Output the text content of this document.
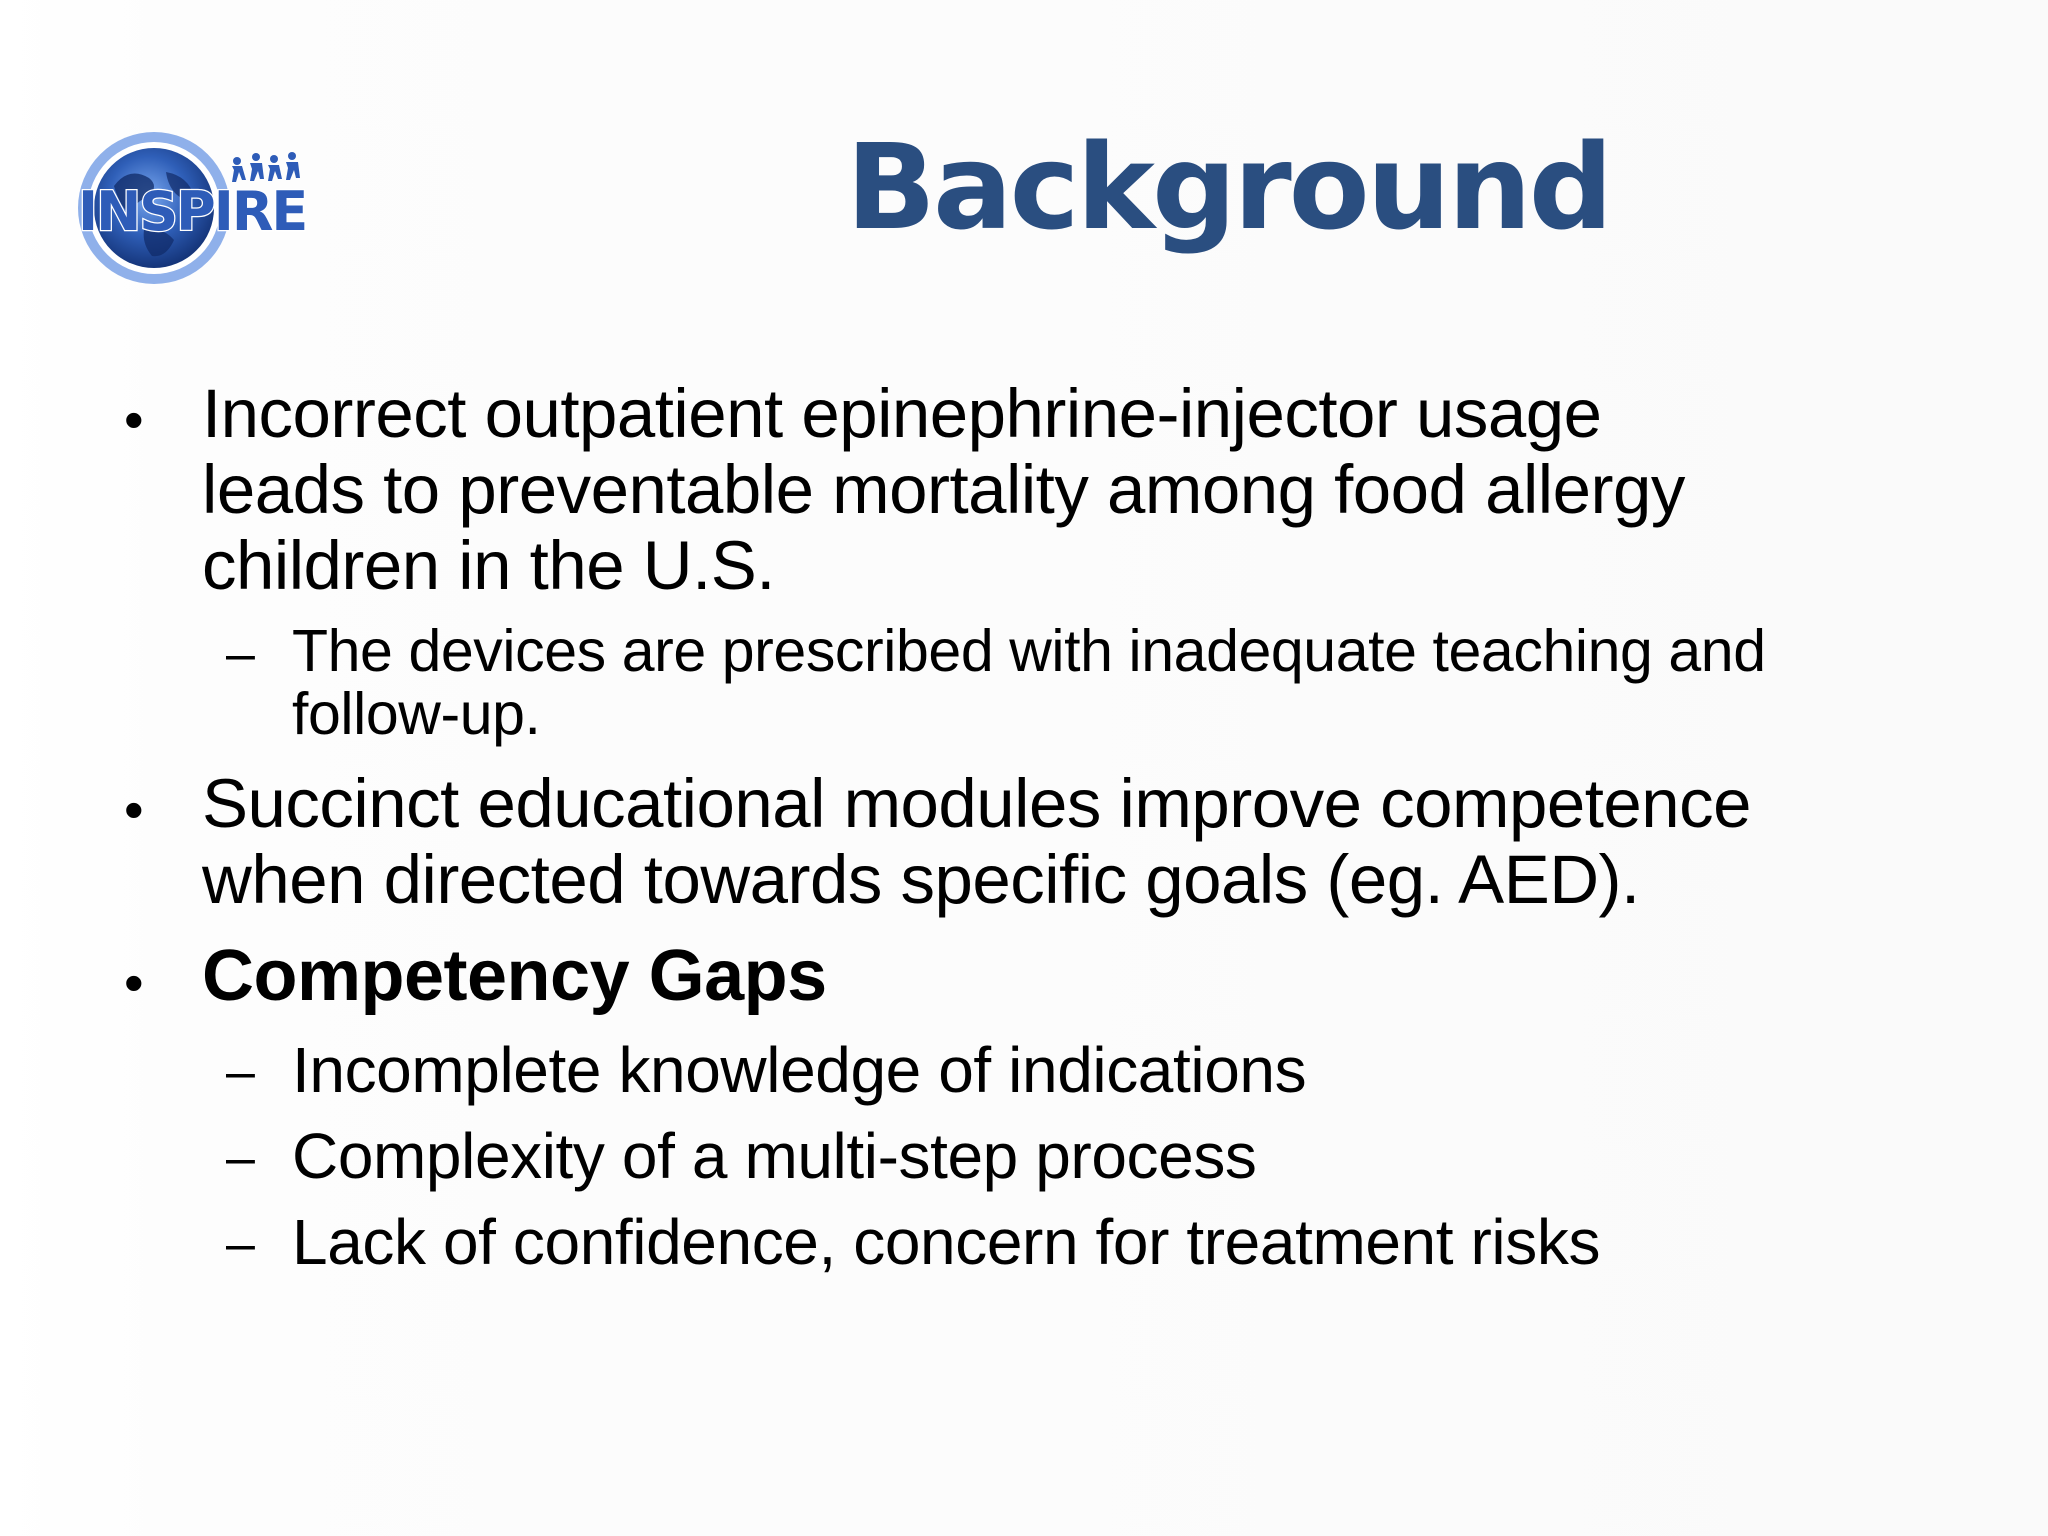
INSPIRE	Background
• Incorrect outpatient epinephrine-injector usage
leads to preventable mortality among food allergy
children in the U.S.
– The devices are prescribed with inadequate teaching and
follow-up.
• Succinct educational modules improve competence
when directed towards specific goals (eg. AED).
• Competency Gaps
– Incomplete knowledge of indications
– Complexity of a multi-step process
– Lack of confidence, concern for treatment risks
